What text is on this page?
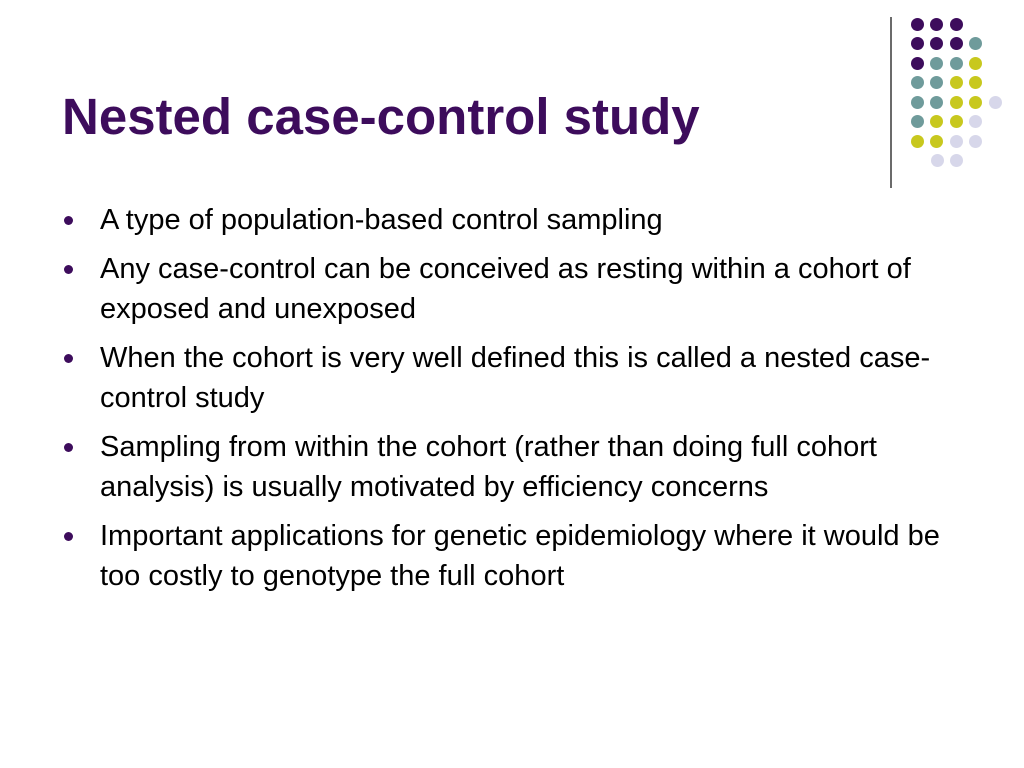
Nested case-control study
A type of population-based control sampling
Any case-control can be conceived as resting within a cohort of exposed and unexposed
When the cohort is very well defined this is called a nested case-control study
Sampling from within the cohort (rather than doing full cohort analysis) is usually motivated by efficiency concerns
Important applications for genetic epidemiology where it would be too costly to genotype the full cohort
